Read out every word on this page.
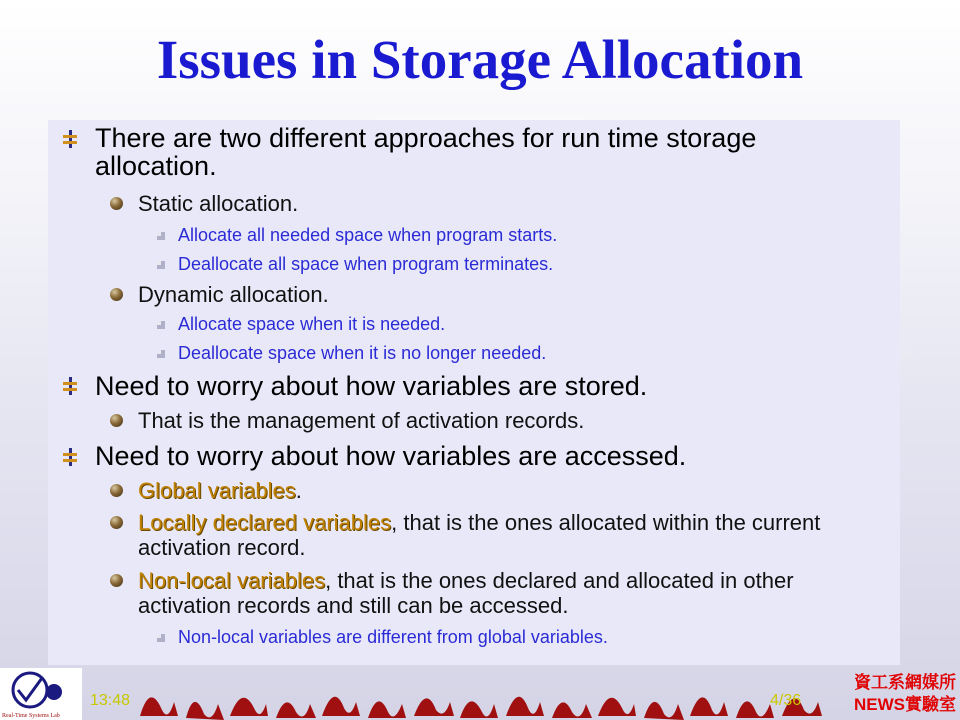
Issues in Storage Allocation

There are two different approaches for run time storage allocation.

Static allocation.

Allocate all needed space when program starts.

Deallocate all space when program terminates.

Dynamic allocation.

Allocate space when it is needed.

Deallocate space when it is no longer needed.

Need to worry about how variables are stored.

That is the management of activation records.

Need to worry about how variables are accessed.

Global variables.

Locally declared variables, that is the ones allocated within the current activation record.

Non-local variables, that is the ones declared and allocated in other activation records and still can be accessed.

Non-local variables are different from global variables.

Real-Time Systems Lab
13:48	4/36
資工系網媒所
NEWS實驗室
